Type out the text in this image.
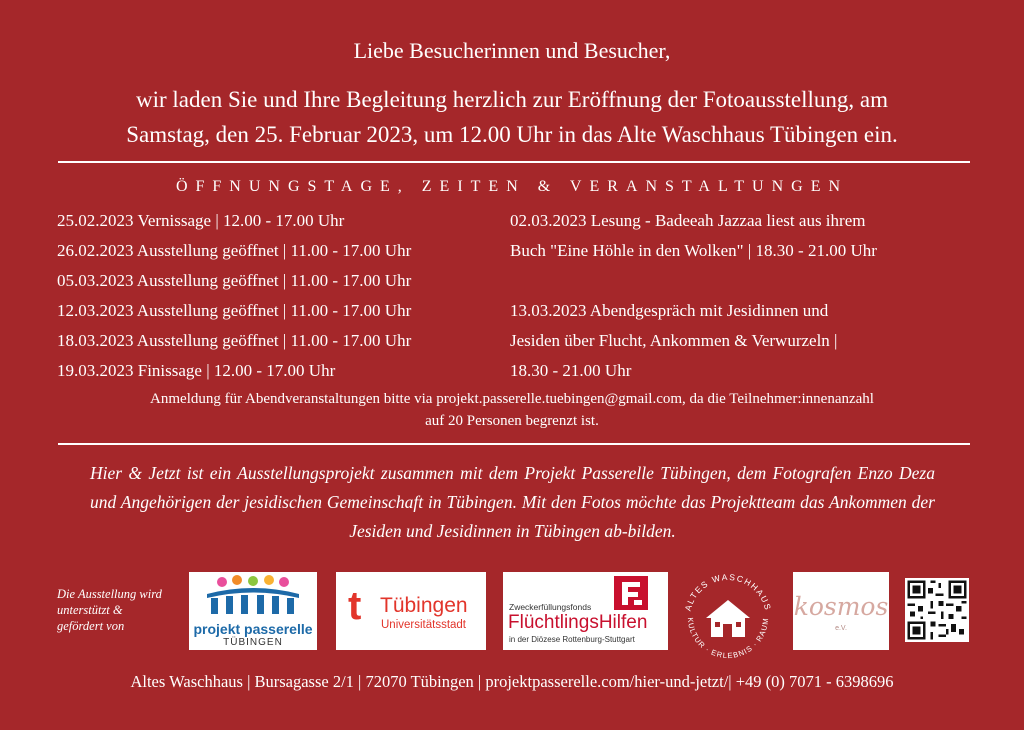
Liebe Besucherinnen und Besucher,
wir laden Sie und Ihre Begleitung herzlich zur Eröffnung der Fotoausstellung, am
Samstag, den 25. Februar 2023, um 12.00 Uhr in das Alte Waschhaus Tübingen ein.
ÖFFNUNGSTAGE, ZEITEN & VERANSTALTUNGEN
25.02.2023 Vernissage | 12.00 - 17.00 Uhr
26.02.2023 Ausstellung geöffnet | 11.00 - 17.00 Uhr
05.03.2023 Ausstellung geöffnet | 11.00 - 17.00 Uhr
12.03.2023 Ausstellung geöffnet | 11.00 - 17.00 Uhr
18.03.2023 Ausstellung geöffnet | 11.00 - 17.00 Uhr
19.03.2023 Finissage | 12.00 - 17.00 Uhr
02.03.2023 Lesung - Badeeah Jazzaa liest aus ihrem
Buch "Eine Höhle in den Wolken" | 18.30 - 21.00 Uhr
13.03.2023 Abendgespräch mit Jesidinnen und
Jesiden über Flucht, Ankommen & Verwurzeln |
18.30 - 21.00 Uhr
Anmeldung für Abendveranstaltungen bitte via projekt.passerelle.tuebingen@gmail.com, da die Teilnehmer:innenanzahl
auf 20 Personen begrenzt ist.
Hier & Jetzt ist ein Ausstellungsprojekt zusammen mit dem Projekt Passerelle Tübingen, dem Fotografen Enzo Deza und Angehörigen der jesidischen Gemeinschaft in Tübingen. Mit den Fotos möchte das Projektteam das Ankommen der Jesiden und Jesidinnen in Tübingen ab-bilden.
Die Ausstellung wird
unterstützt &
gefördert von	projekt passerelle
TÜBINGEN
t Tübingen
Universitätsstadt
Zweckerfüllungsfonds
FlüchtlingsHilfen
in der Diözese Rottenburg-Stuttgart
ALTES WASCHHAUS
KULTUR · ERLEBNIS · RAUM
kosmos
e.V.
Altes Waschhaus | Bursagasse 2/1 | 72070 Tübingen | projektpasserelle.com/hier-und-jetzt/| +49 (0) 7071 - 6398696
